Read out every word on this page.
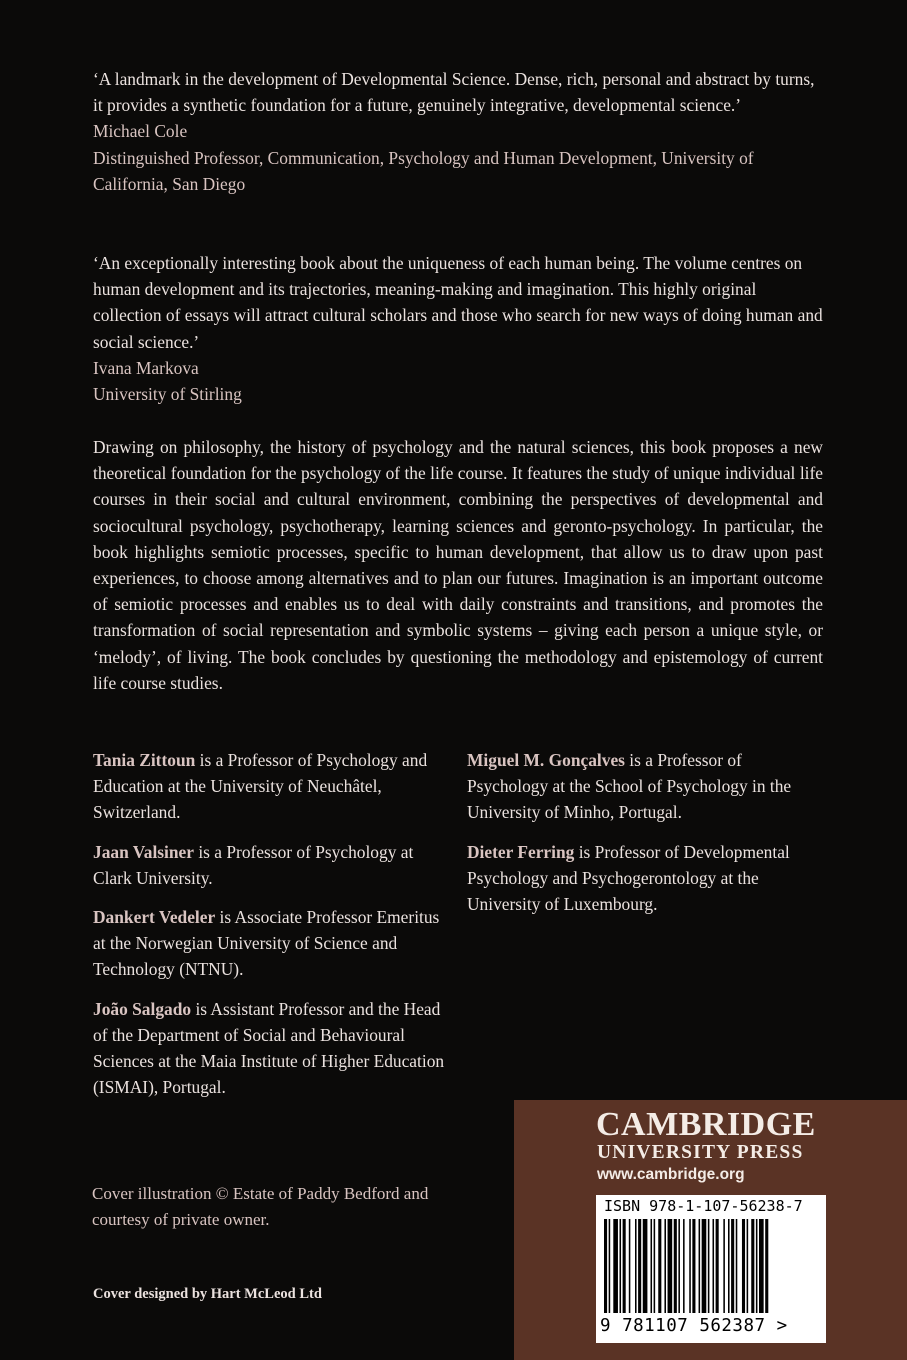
‘A landmark in the development of Developmental Science. Dense, rich, personal and abstract by turns, it provides a synthetic foundation for a future, genuinely integrative, developmental science.’

Michael Cole

Distinguished Professor, Communication, Psychology and Human Development, University of California, San Diego

‘An exceptionally interesting book about the uniqueness of each human being. The volume centres on human development and its trajectories, meaning-making and imagination. This highly original collection of essays will attract cultural scholars and those who search for new ways of doing human and social science.’

Ivana Markova

University of Stirling

Drawing on philosophy, the history of psychology and the natural sciences, this book proposes a new theoretical foundation for the psychology of the life course. It features the study of unique individual life courses in their social and cultural environment, combining the perspectives of developmental and sociocultural psychology, psychotherapy, learning sciences and geronto-psychology. In particular, the book highlights semiotic processes, specific to human development, that allow us to draw upon past experiences, to choose among alternatives and to plan our futures. Imagination is an important outcome of semiotic processes and enables us to deal with daily constraints and transitions, and promotes the transformation of social representation and symbolic systems – giving each person a unique style, or ‘melody’, of living. The book concludes by questioning the methodology and epistemology of current life course studies.

Tania Zittoun is a Professor of Psychology and Education at the University of Neuchâtel, Switzerland.

Jaan Valsiner is a Professor of Psychology at Clark University.

Dankert Vedeler is Associate Professor Emeritus at the Norwegian University of Science and Technology (NTNU).

João Salgado is Assistant Professor and the Head of the Department of Social and Behavioural Sciences at the Maia Institute of Higher Education (ISMAI), Portugal.

Miguel M. Gonçalves is a Professor of Psychology at the School of Psychology in the University of Minho, Portugal.

Dieter Ferring is Professor of Developmental Psychology and Psychogerontology at the University of Luxembourg.

Cover illustration © Estate of Paddy Bedford and courtesy of private owner.
Cover designed by Hart McLeod Ltd
CAMBRIDGE
UNIVERSITY PRESS
www.cambridge.org
ISBN 978-1-107-56238-7
9 781107 562387 >
